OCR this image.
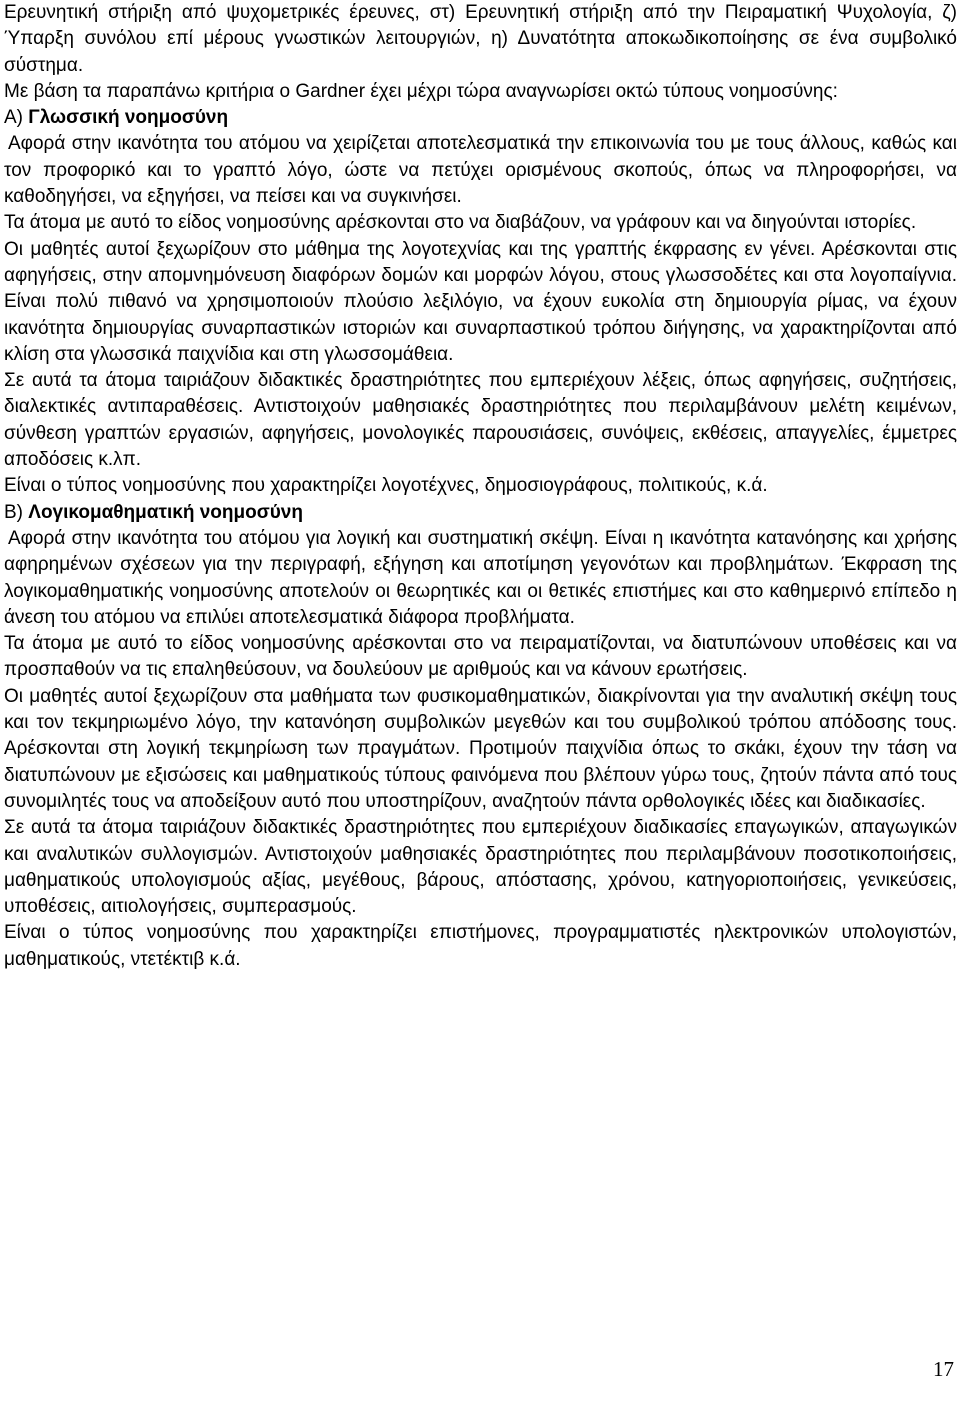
Ερευνητική στήριξη από ψυχομετρικές έρευνες, στ) Ερευνητική στήριξη από την Πειραματική Ψυχολογία, ζ) Ύπαρξη συνόλου επί μέρους γνωστικών λειτουργιών, η) Δυνατότητα αποκωδικοποίησης σε ένα συμβολικό σύστημα.

Με βάση τα παραπάνω κριτήρια ο Gardner έχει μέχρι τώρα αναγνωρίσει οκτώ τύπους νοημοσύνης:

Α) Γλωσσική νοημοσύνη

Αφορά στην ικανότητα του ατόμου να χειρίζεται αποτελεσματικά την επικοινωνία του με τους άλλους, καθώς και τον προφορικό και το γραπτό λόγο, ώστε να πετύχει ορισμένους σκοπούς, όπως να πληροφορήσει, να καθοδηγήσει, να εξηγήσει, να πείσει και να συγκινήσει.

Τα άτομα με αυτό το είδος νοημοσύνης αρέσκονται στο να διαβάζουν, να γράφουν και να διηγούνται ιστορίες.

Οι μαθητές αυτοί ξεχωρίζουν στο μάθημα της λογοτεχνίας και της γραπτής έκφρασης εν γένει. Αρέσκονται στις αφηγήσεις, στην απομνημόνευση διαφόρων δομών και μορφών λόγου, στους γλωσσοδέτες και στα λογοπαίγνια. Είναι πολύ πιθανό να χρησιμοποιούν πλούσιο λεξιλόγιο, να έχουν ευκολία στη δημιουργία ρίμας, να έχουν ικανότητα δημιουργίας συναρπαστικών ιστοριών και συναρπαστικού τρόπου διήγησης, να χαρακτηρίζονται από κλίση στα γλωσσικά παιχνίδια και στη γλωσσομάθεια.

Σε αυτά τα άτομα ταιριάζουν διδακτικές δραστηριότητες που εμπεριέχουν λέξεις, όπως αφηγήσεις, συζητήσεις, διαλεκτικές αντιπαραθέσεις. Αντιστοιχούν μαθησιακές δραστηριότητες που περιλαμβάνουν μελέτη κειμένων, σύνθεση γραπτών εργασιών, αφηγήσεις, μονολογικές παρουσιάσεις, συνόψεις, εκθέσεις, απαγγελίες, έμμετρες αποδόσεις κ.λπ.

Είναι ο τύπος νοημοσύνης που χαρακτηρίζει λογοτέχνες, δημοσιογράφους, πολιτικούς, κ.ά.

Β) Λογικομαθηματική νοημοσύνη

Αφορά στην ικανότητα του ατόμου για λογική και συστηματική σκέψη. Είναι η ικανότητα κατανόησης και χρήσης αφηρημένων σχέσεων για την περιγραφή, εξήγηση και αποτίμηση γεγονότων και προβλημάτων. Έκφραση της λογικομαθηματικής νοημοσύνης αποτελούν οι θεωρητικές και οι θετικές επιστήμες και στο καθημερινό επίπεδο η άνεση του ατόμου να επιλύει αποτελεσματικά διάφορα προβλήματα.

Τα άτομα με αυτό το είδος νοημοσύνης αρέσκονται στο να πειραματίζονται, να διατυπώνουν υποθέσεις και να προσπαθούν να τις επαληθεύσουν, να δουλεύουν με αριθμούς και να κάνουν ερωτήσεις.

Οι μαθητές αυτοί ξεχωρίζουν στα μαθήματα των φυσικομαθηματικών, διακρίνονται για την αναλυτική σκέψη τους και τον τεκμηριωμένο λόγο, την κατανόηση συμβολικών μεγεθών και του συμβολικού τρόπου απόδοσης τους. Αρέσκονται στη λογική τεκμηρίωση των πραγμάτων. Προτιμούν παιχνίδια όπως το σκάκι, έχουν την τάση να διατυπώνουν με εξισώσεις και μαθηματικούς τύπους φαινόμενα που βλέπουν γύρω τους, ζητούν πάντα από τους συνομιλητές τους να αποδείξουν αυτό που υποστηρίζουν, αναζητούν πάντα ορθολογικές ιδέες και διαδικασίες.

Σε αυτά τα άτομα ταιριάζουν διδακτικές δραστηριότητες που εμπεριέχουν διαδικασίες επαγωγικών, απαγωγικών και αναλυτικών συλλογισμών. Αντιστοιχούν μαθησιακές δραστηριότητες που περιλαμβάνουν ποσοτικοποιήσεις, μαθηματικούς υπολογισμούς αξίας, μεγέθους, βάρους, απόστασης, χρόνου, κατηγοριοποιήσεις, γενικεύσεις, υποθέσεις, αιτιολογήσεις, συμπερασμούς.

Είναι ο τύπος νοημοσύνης που χαρακτηρίζει επιστήμονες, προγραμματιστές ηλεκτρονικών υπολογιστών, μαθηματικούς, ντετέκτιβ κ.ά.

17
